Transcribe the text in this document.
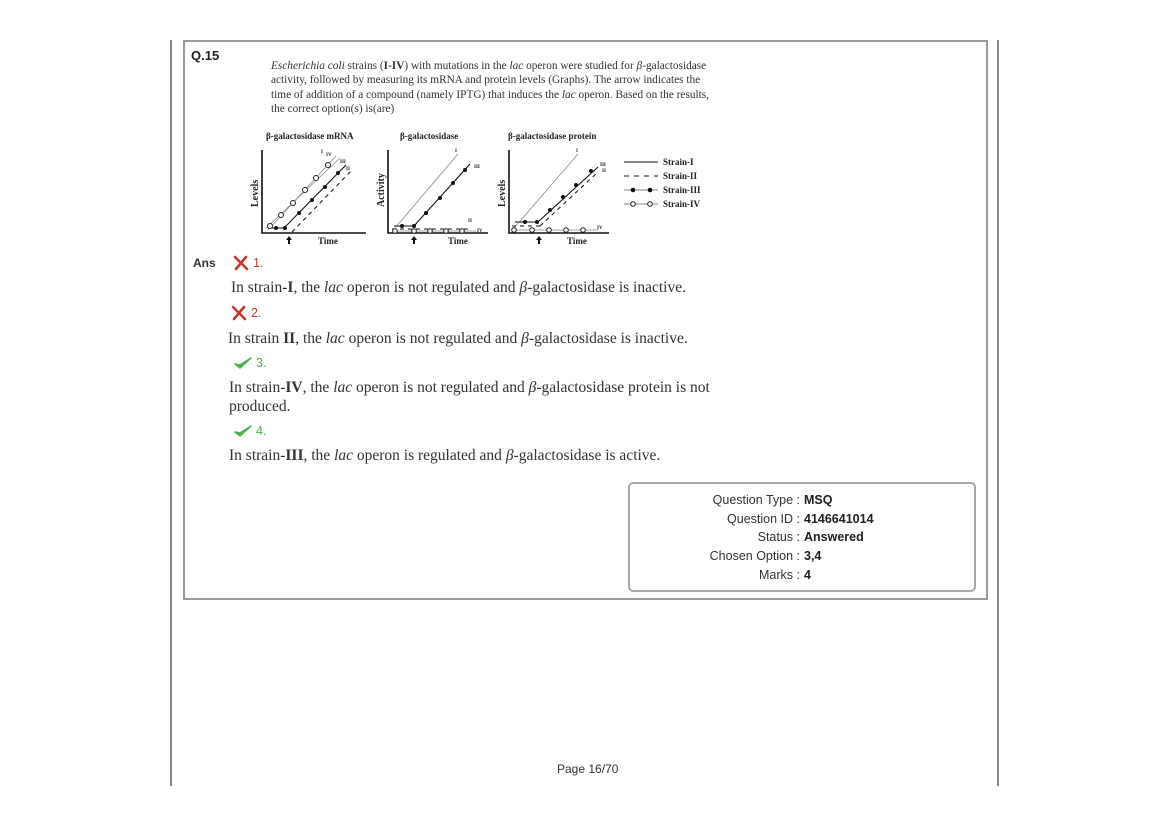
Q.15
Escherichia coli strains (I-IV) with mutations in the lac operon were studied for β-galactosidase activity, followed by measuring its mRNA and protein levels (Graphs). The arrow indicates the time of addition of a compound (namely IPTG) that induces the lac operon. Based on the results, the correct option(s) is(are)
β-galactosidase mRNA	β-galactosidase	β-galactosidase protein
Levels	Activity	Levels
Time	Time	Time
I
IV
III
II
I
III
II
IV
I
III
II
IV
Strain-I
Strain-II
Strain-III
Strain-IV
Ans	1.
In strain-I, the lac operon is not regulated and β-galactosidase is inactive.
2.
In strain II, the lac operon is not regulated and β-galactosidase is inactive.
3.
In strain-IV, the lac operon is not regulated and β-galactosidase protein is not produced.
4.
In strain-III, the lac operon is regulated and β-galactosidase is active.
Question Type : MSQ
Question ID : 4146641014
Status : Answered
Chosen Option : 3,4
Marks : 4
Page 16/70
